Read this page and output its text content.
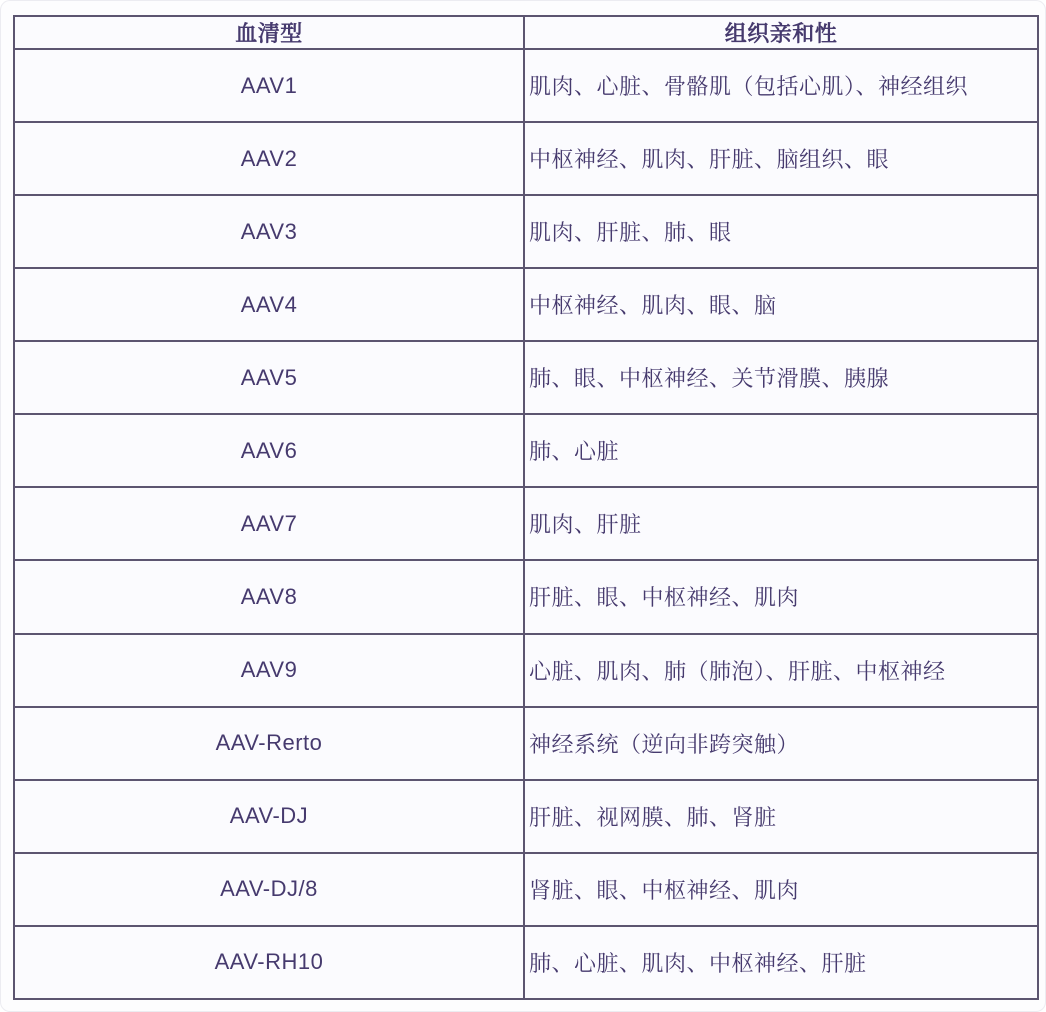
血清型	组织亲和性
AAV1	肌肉、心脏、骨骼肌（包括心肌）、神经组织
AAV2	中枢神经、肌肉、肝脏、脑组织、眼
AAV3	肌肉、肝脏、肺、眼
AAV4	中枢神经、肌肉、眼、脑
AAV5	肺、眼、中枢神经、关节滑膜、胰腺
AAV6	肺、心脏
AAV7	肌肉、肝脏
AAV8	肝脏、眼、中枢神经、肌肉
AAV9	心脏、肌肉、肺（肺泡）、肝脏、中枢神经
AAV-Rerto	神经系统（逆向非跨突触）
AAV-DJ	肝脏、视网膜、肺、肾脏
AAV-DJ/8	肾脏、眼、中枢神经、肌肉
AAV-RH10	肺、心脏、肌肉、中枢神经、肝脏
